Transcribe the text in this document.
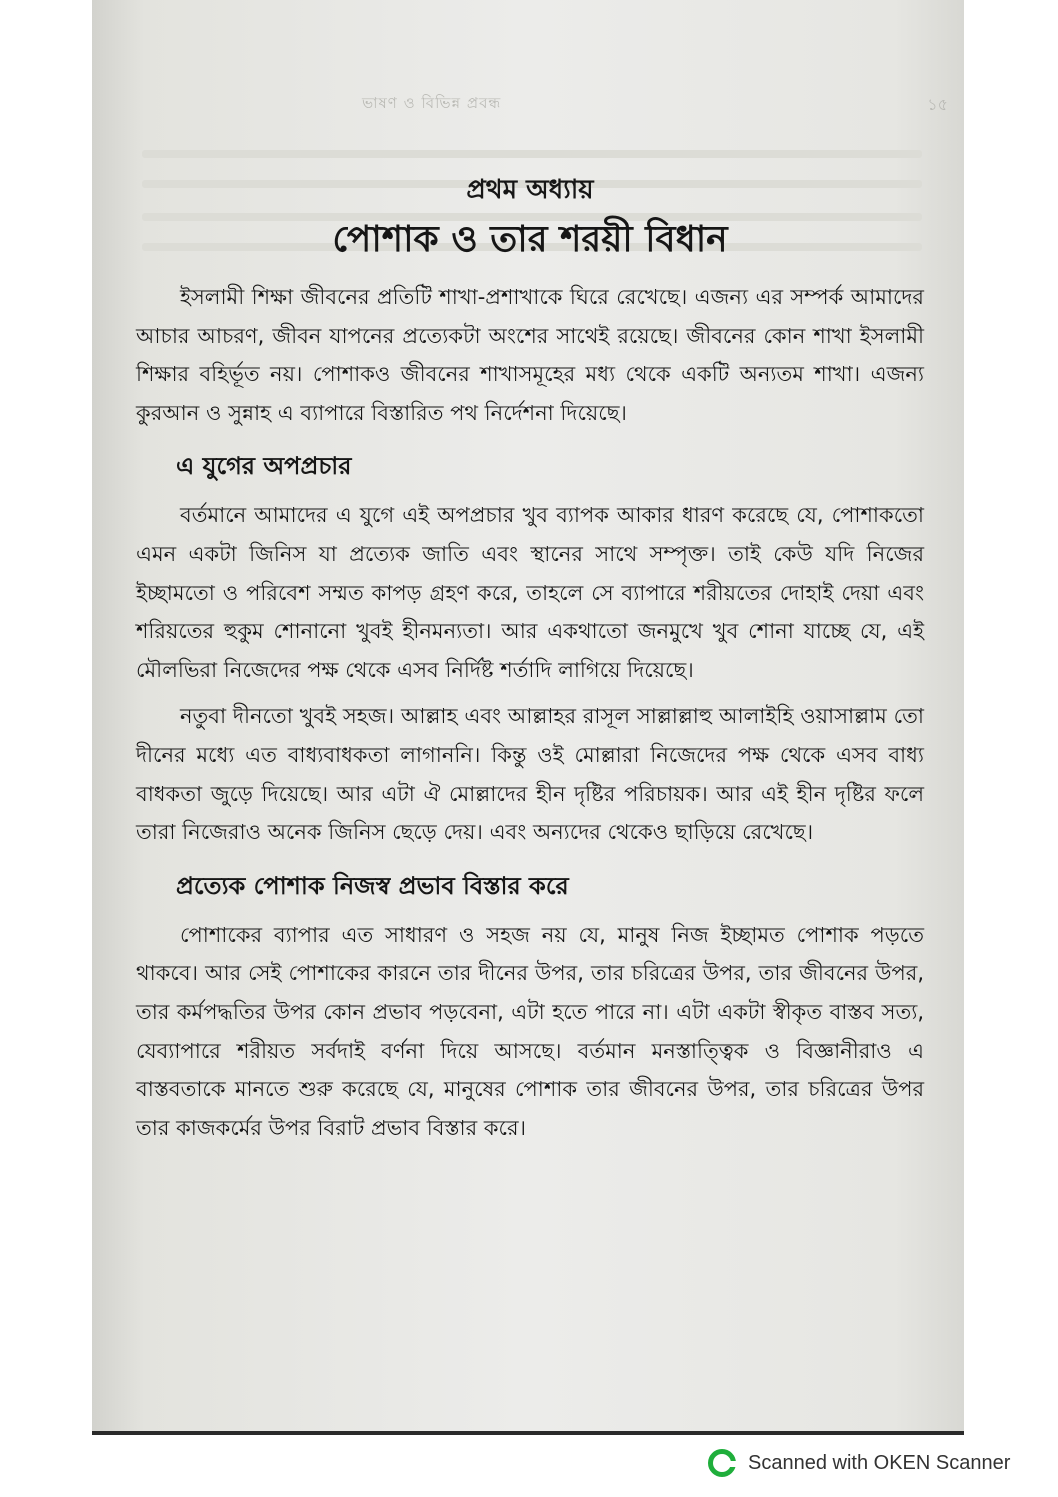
ভাষণ ও বিভিন্ন প্রবন্ধ	১৫
প্রথম অধ্যায়
পোশাক ও তার শরয়ী বিধান

ইসলামী শিক্ষা জীবনের প্রতিটি শাখা-প্রশাখাকে ঘিরে রেখেছে। এজন্য এর সম্পর্ক আমাদের আচার আচরণ, জীবন যাপনের প্রত্যেকটা অংশের সাথেই রয়েছে। জীবনের কোন শাখা ইসলামী শিক্ষার বহির্ভূত নয়। পোশাকও জীবনের শাখাসমূহের মধ্য থেকে একটি অন্যতম শাখা। এজন্য কুরআন ও সুন্নাহ এ ব্যাপারে বিস্তারিত পথ নির্দেশনা দিয়েছে।

এ যুগের অপপ্রচার

বর্তমানে আমাদের এ যুগে এই অপপ্রচার খুব ব্যাপক আকার ধারণ করেছে যে, পোশাকতো এমন একটা জিনিস যা প্রত্যেক জাতি এবং স্থানের সাথে সম্পৃক্ত। তাই কেউ যদি নিজের ইচ্ছামতো ও পরিবেশ সম্মত কাপড় গ্রহণ করে, তাহলে সে ব্যাপারে শরীয়তের দোহাই দেয়া এবং শরিয়তের হুকুম শোনানো খুবই হীনমন্যতা। আর একথাতো জনমুখে খুব শোনা যাচ্ছে যে, এই মৌলভিরা নিজেদের পক্ষ থেকে এসব নির্দিষ্ট শর্তাদি লাগিয়ে দিয়েছে।

নতুবা দীনতো খুবই সহজ। আল্লাহ এবং আল্লাহর রাসূল সাল্লাল্লাহু আলাইহি ওয়াসাল্লাম তো দীনের মধ্যে এত বাধ্যবাধকতা লাগাননি। কিন্তু ওই মোল্লারা নিজেদের পক্ষ থেকে এসব বাধ্য বাধকতা জুড়ে দিয়েছে। আর এটা ঐ মোল্লাদের হীন দৃষ্টির পরিচায়ক। আর এই হীন দৃষ্টির ফলে তারা নিজেরাও অনেক জিনিস ছেড়ে দেয়। এবং অন্যদের থেকেও ছাড়িয়ে রেখেছে।

প্রত্যেক পোশাক নিজস্ব প্রভাব বিস্তার করে

পোশাকের ব্যাপার এত সাধারণ ও সহজ নয় যে, মানুষ নিজ ইচ্ছামত পোশাক পড়তে থাকবে। আর সেই পোশাকের কারনে তার দীনের উপর, তার চরিত্রের উপর, তার জীবনের উপর, তার কর্মপদ্ধতির উপর কোন প্রভাব পড়বেনা, এটা হতে পারে না। এটা একটা স্বীকৃত বাস্তব সত্য, যেব্যাপারে শরীয়ত সর্বদাই বর্ণনা দিয়ে আসছে। বর্তমান মনস্তাত্ত্বিক ও বিজ্ঞানীরাও এ বাস্তবতাকে মানতে শুরু করেছে যে, মানুষের পোশাক তার জীবনের উপর, তার চরিত্রের উপর তার কাজকর্মের উপর বিরাট প্রভাব বিস্তার করে।

Scanned with OKEN Scanner
